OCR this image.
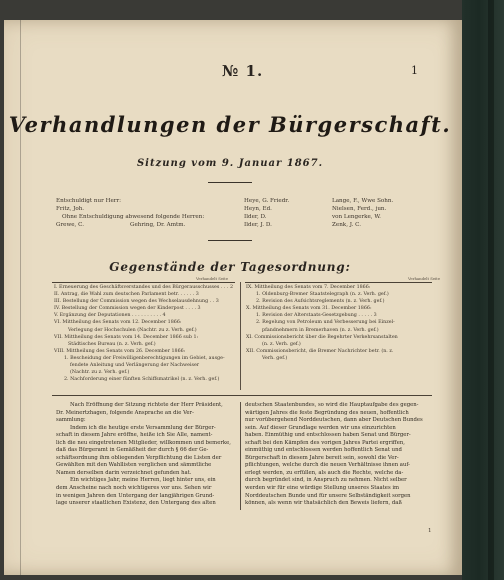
№ 1.	1
Verhandlungen der Bürgerschaft.
Sitzung vom 9. Januar 1867.
Entschuldigt nur Herr:
Fritz, Joh.
Ohne Entschuldigung abwesend folgende Herren:
Grewe, C.	Gehring, Dr. Amtm.
Heye, G. Friedr.
Heyn, Ed.
Ilder, D.
Ilder, J. D.
Lange, F., Wwe Sohn.
Nielsen, Ferd., jun.
von Lengerke, W.
Zenk, J. C.
Gegenstände der Tagesordnung:
Verhandelt Seite	Verhandelt Seite
I. Erneuerung des Geschäftsverstandes und des Bürgerausschusses . . . 2
II. Antrag, die Wahl zum deutschen Parlament betr. . . . . . 3
III. Bestellung der Commission wegen des Wechselausdehnung . . 3
IV. Bestellung der Commission wegen der Kinderpost . . . . 3
V. Ergänzung der Deputationen . . . . . . . . . . 4
VI. Mittheilung des Senats vom 12. December 1866:
Verlegung der Hochschulen (Nachtr. zu z. Verh. gef.)
VII. Mittheilung des Senats vom 14. December 1866 sub 1:
Städtisches Bureau (n. z. Verh. gef.)
VIII. Mittheilung des Senats vom 26. December 1866:
1. Bescheidung der Freiwilligenberechtigungen im Gebiet, ausge-
fendete Anleitung und Verlängerung der Nachweiser
(Nachtr. zu z. Verh. gef.)
2. Nachforderung einer fünften Schiffsmatrikel (n. z. Verh. gef.)
IX. Mittheilung des Senats vom 7. December 1866:
1. Oldenburg-Bremer Staatstelegraph (n. z. Verh. gef.)
2. Revision des Aufsichtsreglements (n. z. Verh. gef.)
X. Mittheilung des Senats vom 31. December 1866:
1. Revision der Alterstaats-Gesetzgebung . . . . . 3
2. Regelung von Petroleum und Verbesserung bei Einzel-
pfandnehmern in Bremerhaven (n. z. Verh. gef.)
XI. Commissionsbericht über die Begehrter Verkehrsanstalten
(n. z. Verh. gef.)
XII. Commissionsbericht, die Bremer Nachrichter betr. (n. z.
Verh. gef.)
Nach Eröffnung der Sitzung richtete der Herr Präsident,
Dr. Meinertzhagen, folgende Ansprache an die Ver-
sammlung:
Indem ich die heutige erste Versammlung der Bürger-
schaft in diesem Jahre eröffne, heiße ich Sie Alle, nament-
lich die neu eingetretenen Mitglieder, willkommen und bemerke,
daß das Bürgeramt in Gemäßheit der durch § 66 der Ge-
schäftsordnung ihm obliegenden Verpflichtung die Listen der
Gewählten mit den Wahllisten verglichen und sämmtliche
Namen derselben darin verzeichnet gefunden hat.
Ein wichtiges Jahr, meine Herren, liegt hinter uns, ein
dem Anscheine nach noch wichtigeres vor uns. Sehen wir
in wenigen Jahren den Untergang der langjährigen Grund-
lage unserer staatlichen Existenz, den Untergang des alten
deutschen Staatenbundes, so wird die Hauptaufgabe des gegen-
wärtigen Jahres die feste Begründung des neuen, hoffentlich
nur vorübergehend Norddeutschen, dann aber Deutschen Bundes
sein. Auf dieser Grundlage werden wir uns einzurichten
haben. Einmüthig und entschlossen haben Senat und Bürger-
schaft bei den Kämpfen des vorigen Jahres Partei ergriffen,
einmüthig und entschlossen werden hoffentlich Senat und
Bürgerschaft in diesem Jahre bereit sein, sowohl die Ver-
pflichtungen, welche durch die neuen Verhältnisse ihnen auf-
erlegt werden, zu erfüllen, als auch die Rechte, welche da-
durch begründet sind, in Anspruch zu nehmen. Nicht selber
werden wir für eine würdige Stellung unseres Staates im
Norddeutschen Bunde und für unsere Selbständigkeit sorgen
können, als wenn wir thatsächlich den Beweis liefern, daß
1
